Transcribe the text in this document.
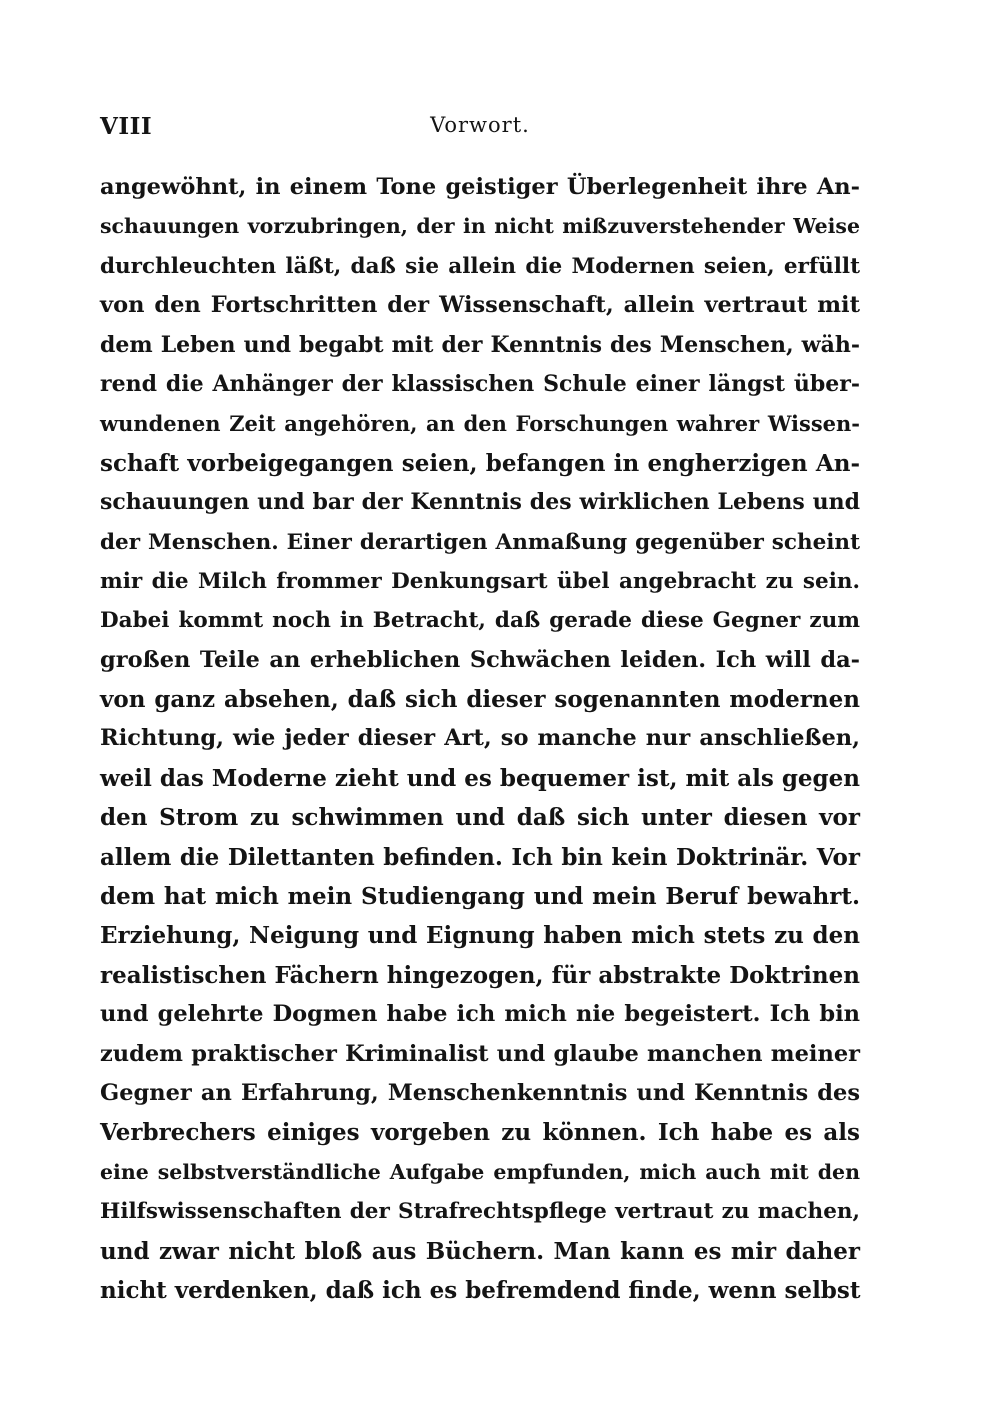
VIII	Vorwort.
angewöhnt, in einem Tone geistiger Überlegenheit ihre An-
schauungen vorzubringen, der in nicht mißzuverstehender Weise
durchleuchten läßt, daß sie allein die Modernen seien, erfüllt
von den Fortschritten der Wissenschaft, allein vertraut mit
dem Leben und begabt mit der Kenntnis des Menschen, wäh-
rend die Anhänger der klassischen Schule einer längst über-
wundenen Zeit angehören, an den Forschungen wahrer Wissen-
schaft vorbeigegangen seien, befangen in engherzigen An-
schauungen und bar der Kenntnis des wirklichen Lebens und
der Menschen. Einer derartigen Anmaßung gegenüber scheint
mir die Milch frommer Denkungsart übel angebracht zu sein.
Dabei kommt noch in Betracht, daß gerade diese Gegner zum
großen Teile an erheblichen Schwächen leiden. Ich will da-
von ganz absehen, daß sich dieser sogenannten modernen
Richtung, wie jeder dieser Art, so manche nur anschließen,
weil das Moderne zieht und es bequemer ist, mit als gegen
den Strom zu schwimmen und daß sich unter diesen vor
allem die Dilettanten befinden. Ich bin kein Doktrinär. Vor
dem hat mich mein Studiengang und mein Beruf bewahrt.
Erziehung, Neigung und Eignung haben mich stets zu den
realistischen Fächern hingezogen, für abstrakte Doktrinen
und gelehrte Dogmen habe ich mich nie begeistert. Ich bin
zudem praktischer Kriminalist und glaube manchen meiner
Gegner an Erfahrung, Menschenkenntnis und Kenntnis des
Verbrechers einiges vorgeben zu können. Ich habe es als
eine selbstverständliche Aufgabe empfunden, mich auch mit den
Hilfswissenschaften der Strafrechtspflege vertraut zu machen,
und zwar nicht bloß aus Büchern. Man kann es mir daher
nicht verdenken, daß ich es befremdend finde, wenn selbst
